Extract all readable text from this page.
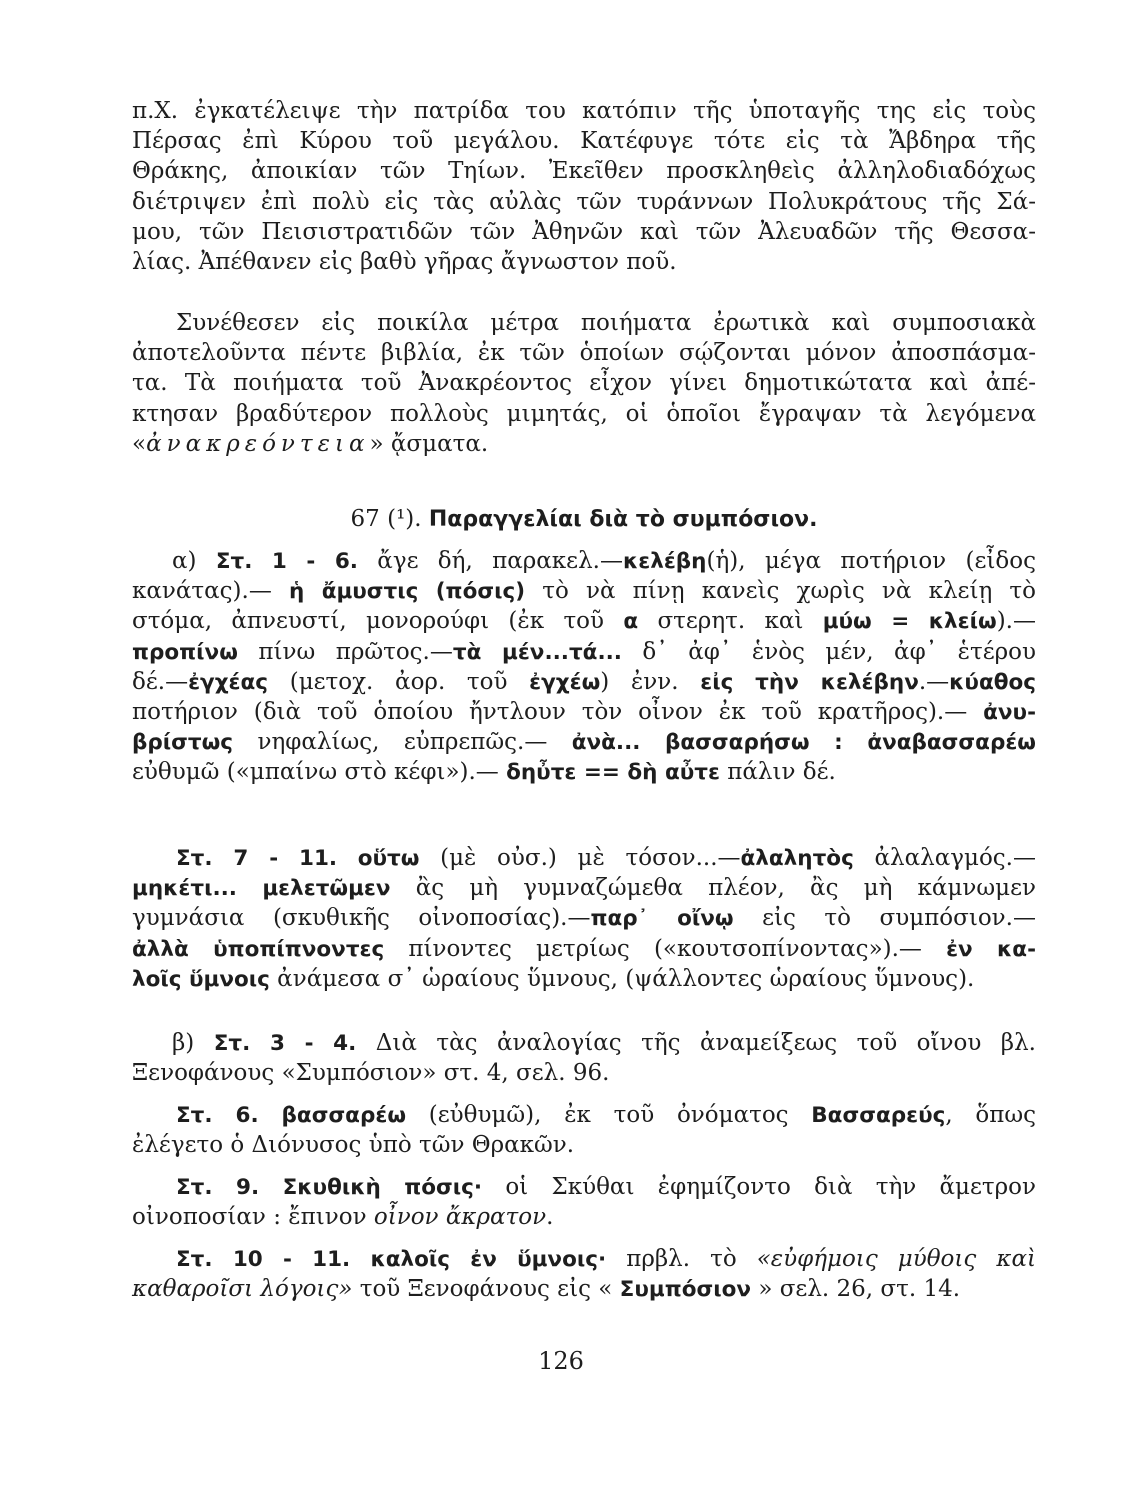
π.Χ. ἐγκατέλειψε τὴν πατρίδα του κατόπιν τῆς ὑποταγῆς της εἰς τοὺς
Πέρσας ἐπὶ Κύρου τοῦ μεγάλου. Κατέφυγε τότε εἰς τὰ Ἄβδηρα τῆς
Θράκης, ἀποικίαν τῶν Τηίων. Ἐκεῖθεν προσκληθεὶς ἀλληλοδιαδόχως
διέτριψεν ἐπὶ πολὺ εἰς τὰς αὐλὰς τῶν τυράννων Πολυκράτους τῆς Σά-
μου, τῶν Πεισιστρατιδῶν τῶν Ἀθηνῶν καὶ τῶν Ἀλευαδῶν τῆς Θεσσα-
λίας. Ἀπέθανεν εἰς βαθὺ γῆρας ἄγνωστον ποῦ.
Συνέθεσεν εἰς ποικίλα μέτρα ποιήματα ἐρωτικὰ καὶ συμποσιακὰ
ἀποτελοῦντα πέντε βιβλία, ἐκ τῶν ὁποίων σῴζονται μόνον ἀποσπάσμα-
τα. Τὰ ποιήματα τοῦ Ἀνακρέοντος εἶχον γίνει δημοτικώτατα καὶ ἀπέ-
κτησαν βραδύτερον πολλοὺς μιμητάς, οἱ ὁποῖοι ἔγραψαν τὰ λεγόμενα
«ἀνακρεόντεια» ᾄσματα.
67 (¹). Παραγγελίαι διὰ τὸ συμπόσιον.
α) Στ. 1 - 6. ἄγε δή, παρακελ.—κελέβη(ἡ), μέγα ποτήριον (εἶδος
κανάτας).— ἡ ἄμυστις (πόσις) τὸ νὰ πίνῃ κανεὶς χωρὶς νὰ κλείῃ τὸ
στόμα, ἀπνευστί, μονορούφι (ἐκ τοῦ α στερητ. καὶ μύω = κλείω).—
προπίνω πίνω πρῶτος.—τὰ μέν...τά... δ᾽ ἀφ᾽ ἑνὸς μέν, ἀφ᾽ ἑτέρου
δέ.—ἐγχέας (μετοχ. ἀορ. τοῦ ἐγχέω) ἐνν. εἰς τὴν κελέβην.—κύαθος
ποτήριον (διὰ τοῦ ὁποίου ἤντλουν τὸν οἶνον ἐκ τοῦ κρατῆρος).— ἀνυ-
βρίστως νηφαλίως, εὐπρεπῶς.— ἀνὰ... βασσαρήσω : ἀναβασσαρέω
εὐθυμῶ («μπαίνω στὸ κέφι»).— δηὖτε == δὴ αὖτε πάλιν δέ.
Στ. 7 - 11. οὕτω (μὲ οὐσ.) μὲ τόσον...—ἀλαλητὸς ἀλαλαγμός.—
μηκέτι... μελετῶμεν ἂς μὴ γυμναζώμεθα πλέον, ἂς μὴ κάμνωμεν
γυμνάσια (σκυθικῆς οἰνοποσίας).—παρ᾽ οἴνῳ εἰς τὸ συμπόσιον.—
ἀλλὰ ὑποπίπνοντες πίνοντες μετρίως («κουτσοπίνοντας»).— ἐν κα-
λοῖς ὕμνοις ἀνάμεσα σ᾽ ὡραίους ὕμνους, (ψάλλοντες ὡραίους ὕμνους).
β) Στ. 3 - 4. Διὰ τὰς ἀναλογίας τῆς ἀναμείξεως τοῦ οἴνου βλ.
Ξενοφάνους «Συμπόσιον» στ. 4, σελ. 96.
Στ. 6. βασσαρέω (εὐθυμῶ), ἐκ τοῦ ὀνόματος Βασσαρεύς, ὅπως
ἐλέγετο ὁ Διόνυσος ὑπὸ τῶν Θρακῶν.
Στ. 9. Σκυθικὴ πόσις· οἱ Σκύθαι ἐφημίζοντο διὰ τὴν ἄμετρον
οἰνοποσίαν : ἔπινον οἶνον ἄκρατον.
Στ. 10 - 11. καλοῖς ἐν ὕμνοις· πρβλ. τὸ «εὐφήμοις μύθοις καὶ
καθαροῖσι λόγοις» τοῦ Ξενοφάνους εἰς « Συμπόσιον » σελ. 26, στ. 14.
126
